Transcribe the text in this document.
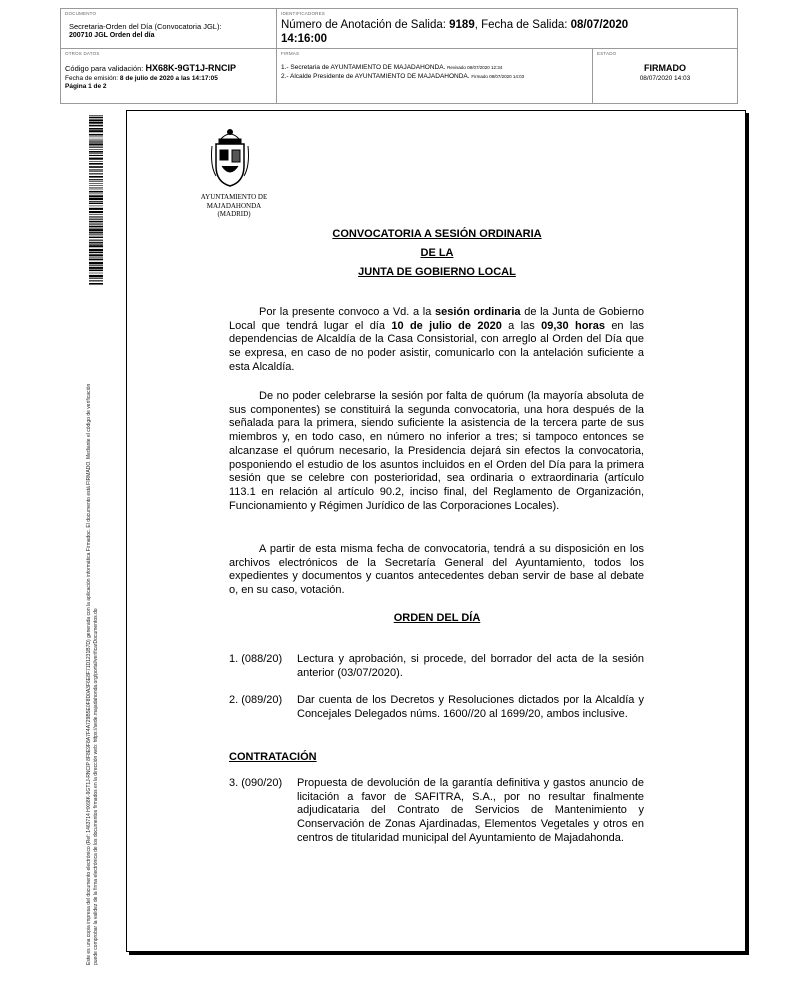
DOCUMENTO
Secretaria-Orden del Día (Convocatoria JGL):
200710 JGL Orden del día
IDENTIFICADORES
Número de Anotación de Salida: 9189, Fecha de Salida: 08/07/2020
14:16:00
OTROS DATOS
Código para validación: HX68K-9GT1J-RNCIP
Fecha de emisión: 8 de julio de 2020 a las 14:17:05
Página 1 de 2
FIRMAS
1.- Secretaria de AYUNTAMIENTO DE MAJADAHONDA. Revisado 08/07/2020 12:34
2.- Alcalde Presidente de AYUNTAMIENTO DE MAJADAHONDA. Firmado 08/07/2020 14:03
ESTADO
FIRMADO
08/07/2020 14:03
Este es una copia impresa del documento electrónico (Ref: 1463714 HX68K-9GT1J-RNCIP 8F8E9F8A7F4A729B5E0F8D0A3F6E8F71D1231B7D) generada con la aplicación informática Firmadoc. El documento está FIRMADO. Mediante el código de verificación puede comprobar la validez de la firma electrónica de los documentos firmados en la dirección web: https://sede.majadahonda.org/portal/verificarDocumentos.do
AYUNTAMIENTO DE
MAJADAHONDA
(MADRID)
CONVOCATORIA A SESIÓN ORDINARIA
DE LA
JUNTA DE GOBIERNO LOCAL

Por la presente convoco a Vd. a la sesión ordinaria de la Junta de Gobierno Local que tendrá lugar el día 10 de julio de 2020 a las 09,30 horas en las dependencias de Alcaldía de la Casa Consistorial, con arreglo al Orden del Día que se expresa, en caso de no poder asistir, comunicarlo con la antelación suficiente a esta Alcaldía.

De no poder celebrarse la sesión por falta de quórum (la mayoría absoluta de sus componentes) se constituirá la segunda convocatoria, una hora después de la señalada para la primera, siendo suficiente la asistencia de la tercera parte de sus miembros y, en todo caso, en número no inferior a tres; si tampoco entonces se alcanzase el quórum necesario, la Presidencia dejará sin efectos la convocatoria, posponiendo el estudio de los asuntos incluidos en el Orden del Día para la primera sesión que se celebre con posterioridad, sea ordinaria o extraordinaria (artículo 113.1 en relación al artículo 90.2, inciso final, del Reglamento de Organización, Funcionamiento y Régimen Jurídico de las Corporaciones Locales).

A partir de esta misma fecha de convocatoria, tendrá a su disposición en los archivos electrónicos de la Secretaría General del Ayuntamiento, todos los expedientes y documentos y cuantos antecedentes deban servir de base al debate o, en su caso, votación.

ORDEN DEL DÍA
1. (088/20) Lectura y aprobación, si procede, del borrador del acta de la sesión anterior (03/07/2020).
2. (089/20) Dar cuenta de los Decretos y Resoluciones dictados por la Alcaldía y Concejales Delegados núms. 1600//20 al 1699/20, ambos inclusive.
CONTRATACIÓN
3. (090/20) Propuesta de devolución de la garantía definitiva y gastos anuncio de licitación a favor de SAFITRA, S.A., por no resultar finalmente adjudicataria del Contrato de Servicios de Mantenimiento y Conservación de Zonas Ajardinadas, Elementos Vegetales y otros en centros de titularidad municipal del Ayuntamiento de Majadahonda.
